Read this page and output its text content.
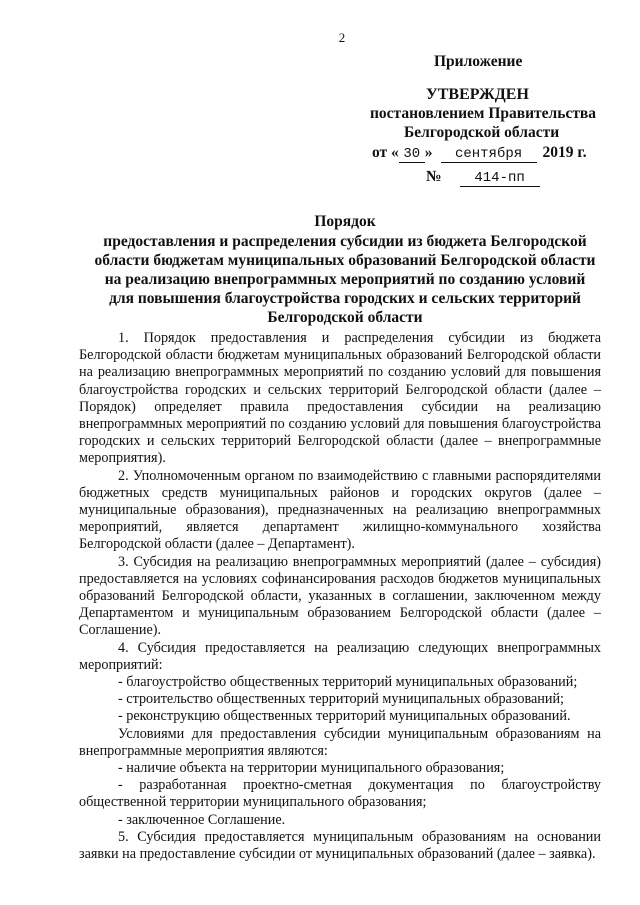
2
Приложение
УТВЕРЖДЕН
постановлением Правительства
Белгородской области
от « 30 » сентября 2019 г.
№ 414-пп
Порядок
предоставления и распределения субсидии из бюджета Белгородской
области бюджетам муниципальных образований Белгородской области
на реализацию внепрограммных мероприятий по созданию условий
для повышения благоустройства городских и сельских территорий
Белгородской области

1. Порядок предоставления и распределения субсидии из бюджета Белгородской области бюджетам муниципальных образований Белгородской области на реализацию внепрограммных мероприятий по созданию условий для повышения благоустройства городских и сельских территорий Белгородской области (далее – Порядок) определяет правила предоставления субсидии на реализацию внепрограммных мероприятий по созданию условий для повышения благоустройства городских и сельских территорий Белгородской области (далее – внепрограммные мероприятия).

2. Уполномоченным органом по взаимодействию с главными распорядителями бюджетных средств муниципальных районов и городских округов (далее – муниципальные образования), предназначенных на реализацию внепрограммных мероприятий, является департамент жилищно-коммунального хозяйства Белгородской области (далее – Департамент).

3. Субсидия на реализацию внепрограммных мероприятий (далее – субсидия) предоставляется на условиях софинансирования расходов бюджетов муниципальных образований Белгородской области, указанных в соглашении, заключенном между Департаментом и муниципальным образованием Белгородской области (далее – Соглашение).

4. Субсидия предоставляется на реализацию следующих внепрограммных мероприятий:

- благоустройство общественных территорий муниципальных образований;

- строительство общественных территорий муниципальных образований;

- реконструкцию общественных территорий муниципальных образований.

Условиями для предоставления субсидии муниципальным образованиям на внепрограммные мероприятия являются:

- наличие объекта на территории муниципального образования;

- разработанная проектно-сметная документация по благоустройству общественной территории муниципального образования;

- заключенное Соглашение.

5. Субсидия предоставляется муниципальным образованиям на основании заявки на предоставление субсидии от муниципальных образований (далее – заявка).
